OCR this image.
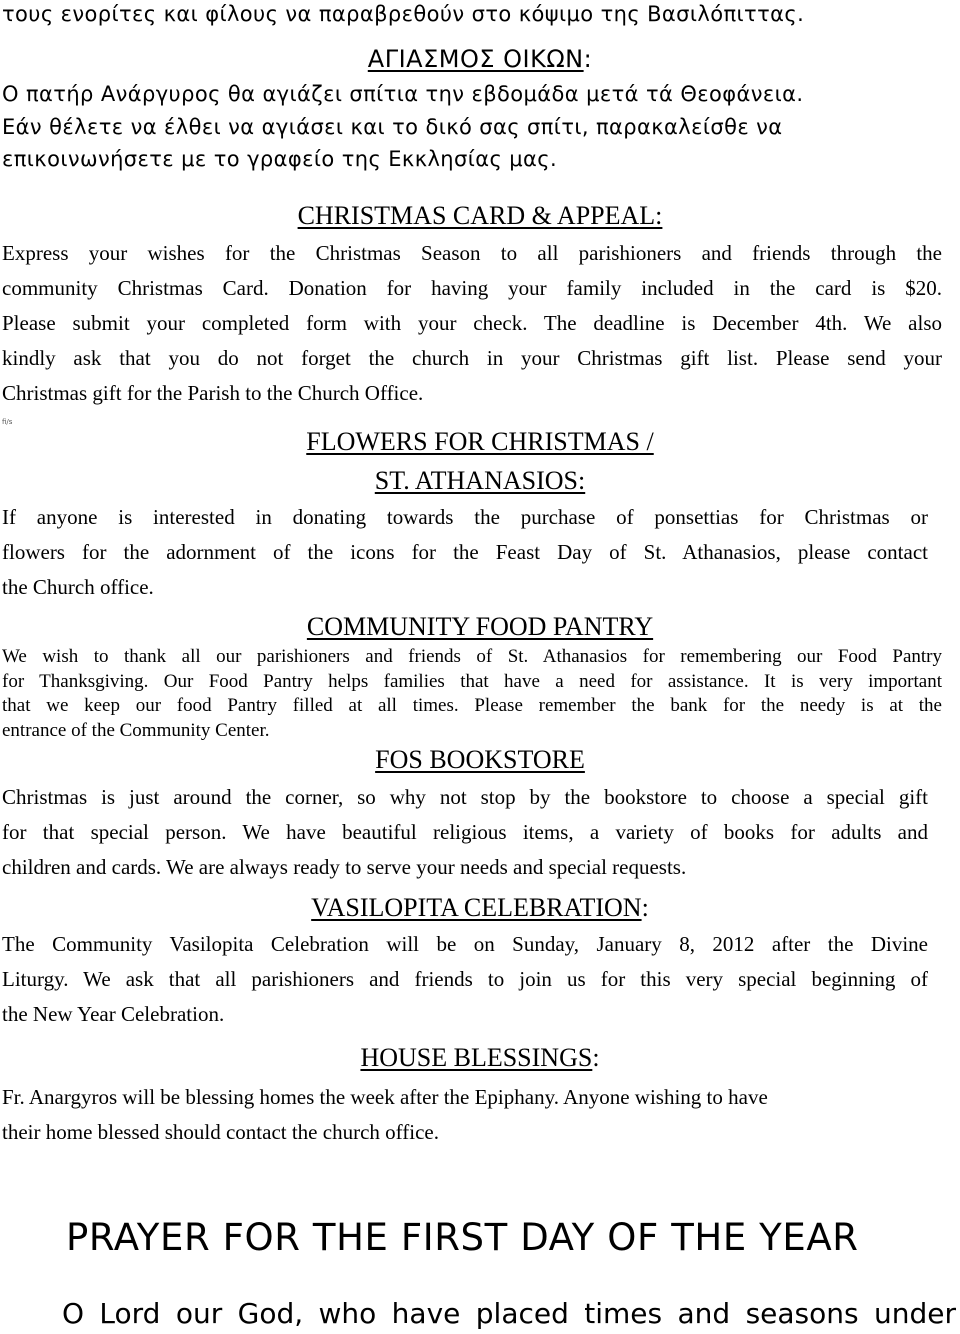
τους ενορίτες και φίλους να παραβρεθούν στο κόψιμο της Βασιλόπιττας.
ΑΓΙΑΣΜΟΣ ΟΙΚΩΝ:
Ο πατήρ Ανάργυρος θα αγιάζει σπίτια την εβδομάδα μετά τά Θεοφάνεια.
Εάν θέλετε να έλθει να αγιάσει και το δικό σας σπίτι, παρακαλείσθε να
επικοινωνήσετε με το γραφείο της Εκκλησίας μας.
CHRISTMAS CARD & APPEAL:
Express your wishes for the Christmas Season to all parishioners and friends through the
community Christmas Card. Donation for having your family included in the card is $20.
Please submit your completed form with your check. The deadline is December 4th. We also
kindly ask that you do not forget the church in your Christmas gift list. Please send your
Christmas gift for the Parish to the Church Office.
fi/s
FLOWERS FOR CHRISTMAS /
ST. ATHANASIOS:
If anyone is interested in donating towards the purchase of ponsettias for Christmas or
flowers for the adornment of the icons for the Feast Day of St. Athanasios, please contact
the Church office.
COMMUNITY FOOD PANTRY
We wish to thank all our parishioners and friends of St. Athanasios for remembering our Food Pantry
for Thanksgiving. Our Food Pantry helps families that have a need for assistance. It is very important
that we keep our food Pantry filled at all times. Please remember the bank for the needy is at the
entrance of the Community Center.
FOS BOOKSTORE
Christmas is just around the corner, so why not stop by the bookstore to choose a special gift
for that special person. We have beautiful religious items, a variety of books for adults and
children and cards. We are always ready to serve your needs and special requests.
VASILOPITA CELEBRATION:
The Community Vasilopita Celebration will be on Sunday, January 8, 2012 after the Divine
Liturgy. We ask that all parishioners and friends to join us for this very special beginning of
the New Year Celebration.
HOUSE BLESSINGS:
Fr. Anargyros will be blessing homes the week after the Epiphany. Anyone wishing to have
their home blessed should contact the church office.
PRAYER FOR THE FIRST DAY OF THE YEAR
O Lord our God, who have placed times and seasons under
